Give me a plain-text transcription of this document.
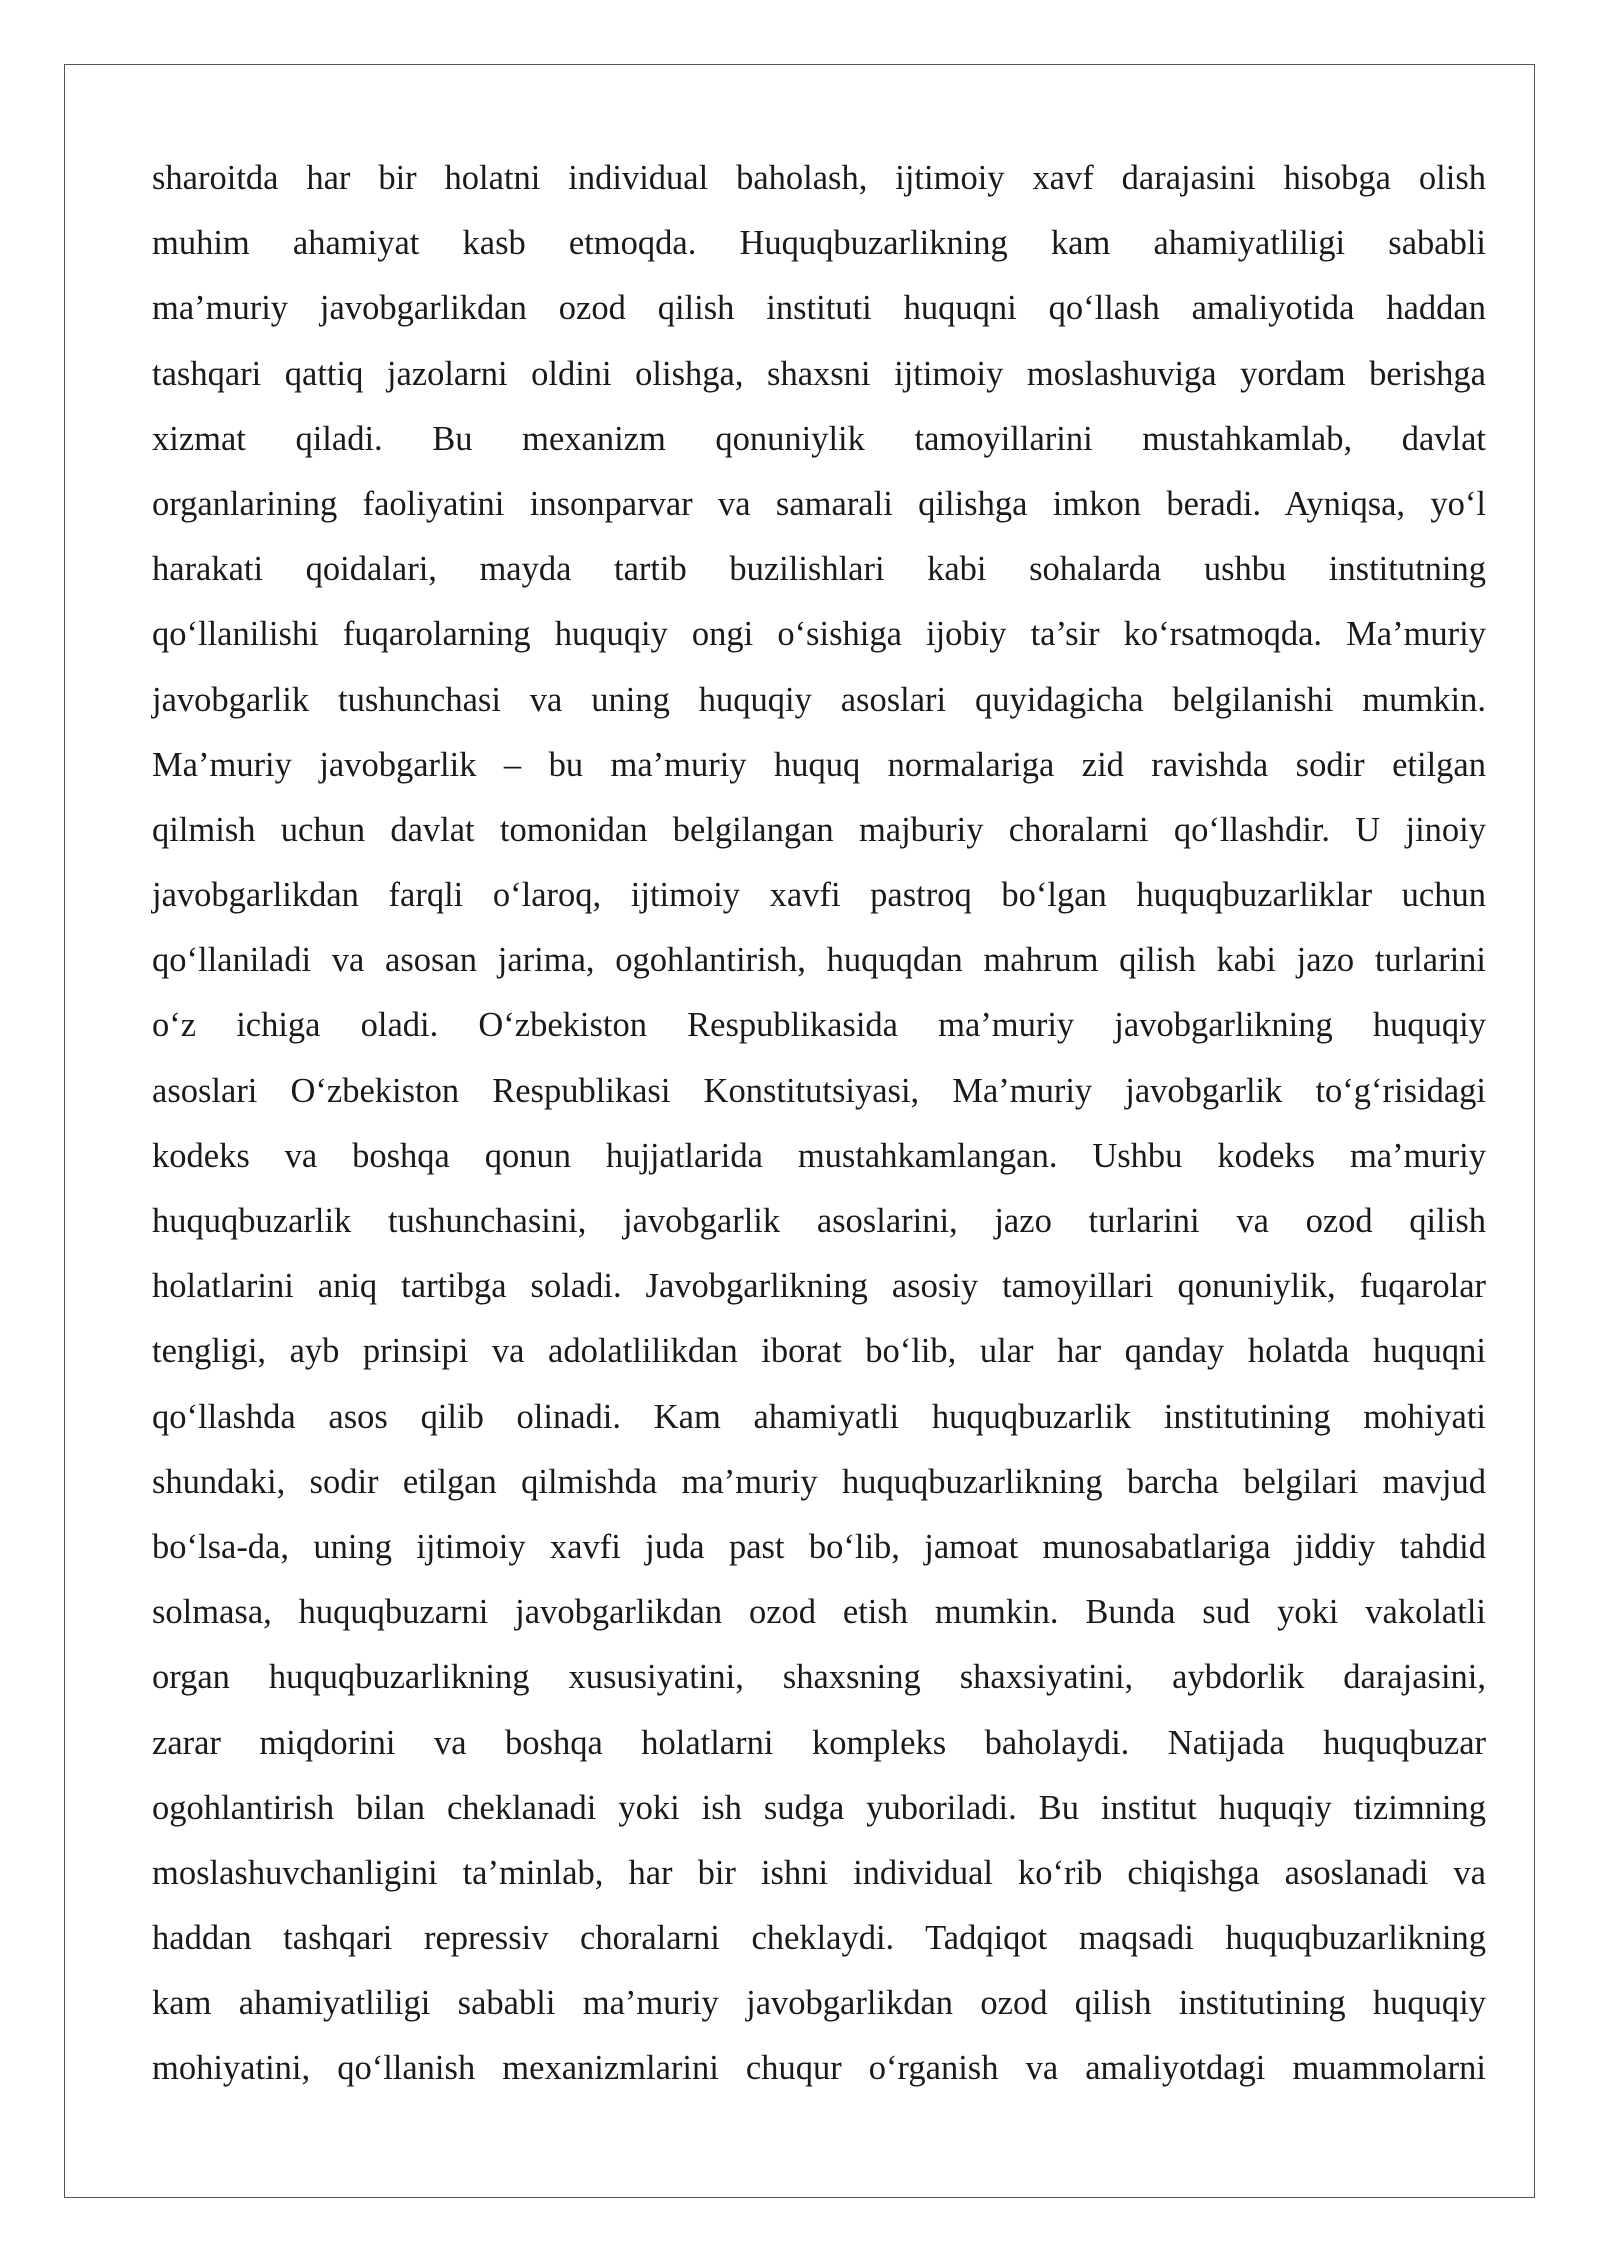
sharoitda har bir holatni individual baholash, ijtimoiy xavf darajasini hisobga olish
muhim ahamiyat kasb etmoqda. Huquqbuzarlikning kam ahamiyatliligi sababli
ma’muriy javobgarlikdan ozod qilish instituti huquqni qo‘llash amaliyotida haddan
tashqari qattiq jazolarni oldini olishga, shaxsni ijtimoiy moslashuviga yordam berishga
xizmat qiladi. Bu mexanizm qonuniylik tamoyillarini mustahkamlab, davlat
organlarining faoliyatini insonparvar va samarali qilishga imkon beradi. Ayniqsa, yo‘l
harakati qoidalari, mayda tartib buzilishlari kabi sohalarda ushbu institutning
qo‘llanilishi fuqarolarning huquqiy ongi o‘sishiga ijobiy ta’sir ko‘rsatmoqda. Ma’muriy
javobgarlik tushunchasi va uning huquqiy asoslari quyidagicha belgilanishi mumkin.
Ma’muriy javobgarlik – bu ma’muriy huquq normalariga zid ravishda sodir etilgan
qilmish uchun davlat tomonidan belgilangan majburiy choralarni qo‘llashdir. U jinoiy
javobgarlikdan farqli o‘laroq, ijtimoiy xavfi pastroq bo‘lgan huquqbuzarliklar uchun
qo‘llaniladi va asosan jarima, ogohlantirish, huquqdan mahrum qilish kabi jazo turlarini
o‘z ichiga oladi. O‘zbekiston Respublikasida ma’muriy javobgarlikning huquqiy
asoslari O‘zbekiston Respublikasi Konstitutsiyasi, Ma’muriy javobgarlik to‘g‘risidagi
kodeks va boshqa qonun hujjatlarida mustahkamlangan. Ushbu kodeks ma’muriy
huquqbuzarlik tushunchasini, javobgarlik asoslarini, jazo turlarini va ozod qilish
holatlarini aniq tartibga soladi. Javobgarlikning asosiy tamoyillari qonuniylik, fuqarolar
tengligi, ayb prinsipi va adolatlilikdan iborat bo‘lib, ular har qanday holatda huquqni
qo‘llashda asos qilib olinadi. Kam ahamiyatli huquqbuzarlik institutining mohiyati
shundaki, sodir etilgan qilmishda ma’muriy huquqbuzarlikning barcha belgilari mavjud
bo‘lsa-da, uning ijtimoiy xavfi juda past bo‘lib, jamoat munosabatlariga jiddiy tahdid
solmasa, huquqbuzarni javobgarlikdan ozod etish mumkin. Bunda sud yoki vakolatli
organ huquqbuzarlikning xususiyatini, shaxsning shaxsiyatini, aybdorlik darajasini,
zarar miqdorini va boshqa holatlarni kompleks baholaydi. Natijada huquqbuzar
ogohlantirish bilan cheklanadi yoki ish sudga yuboriladi. Bu institut huquqiy tizimning
moslashuvchanligini ta’minlab, har bir ishni individual ko‘rib chiqishga asoslanadi va
haddan tashqari repressiv choralarni cheklaydi. Tadqiqot maqsadi huquqbuzarlikning
kam ahamiyatliligi sababli ma’muriy javobgarlikdan ozod qilish institutining huquqiy
mohiyatini, qo‘llanish mexanizmlarini chuqur o‘rganish va amaliyotdagi muammolarni
